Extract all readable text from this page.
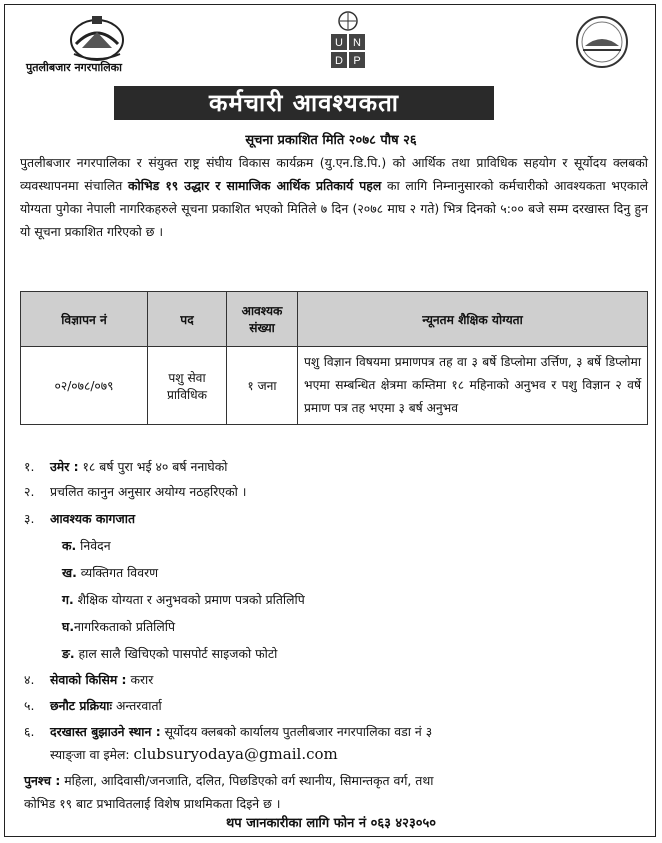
पुतलीबजार नगरपालिका
U N
D P
कर्मचारी आवश्यकता
सूचना प्रकाशित मिति २०७८ पौष २६
पुतलीबजार नगरपालिका र संयुक्त राष्ट्र संघीय विकास कार्यक्रम (यु.एन.डि.पि.) को आर्थिक तथा प्राविधिक सहयोग र सूर्योदय क्लबको व्यवस्थापनमा संचालित कोभिड १९ उद्धार र सामाजिक आर्थिक प्रतिकार्य पहल का लागि निम्नानुसारको कर्मचारीको आवश्यकता भएकाले योग्यता पुगेका नेपाली नागरिकहरुले सूचना प्रकाशित भएको मितिले ७ दिन (२०७८ माघ २ गते) भित्र दिनको ५:०० बजे सम्म दरखास्त दिनु हुन यो सूचना प्रकाशित गरिएको छ ।
विज्ञापन नं	पद	आवश्यक संख्या	न्यूनतम शैक्षिक योग्यता
०२/०७८/०७९	पशु सेवा प्राविधिक	१ जना	पशु विज्ञान विषयमा प्रमाणपत्र तह वा ३ बर्षे डिप्लोमा उर्त्तिण, ३ बर्षे डिप्लोमा भएमा सम्बन्धित क्षेत्रमा कम्तिमा १८ महिनाको अनुभव र पशु विज्ञान २ वर्षे प्रमाण पत्र तह भएमा ३ बर्ष अनुभव
१. उमेर : १८ बर्ष पुरा भई ४० बर्ष ननाघेको
२. प्रचलित कानुन अनुसार अयोग्य नठहरिएको ।
३. आवश्यक कागजात
क. निवेदन
ख. व्यक्तिगत विवरण
ग. शैक्षिक योग्यता र अनुभवको प्रमाण पत्रको प्रतिलिपि
घ.नागरिकताको प्रतिलिपि
ङ. हाल सालै खिचिएको पासपोर्ट साइजको फोटो
४. सेवाको किसिम : करार
५. छनौट प्रक्रियाः अन्तरवार्ता
६. दरखास्त बुझाउने स्थान : सूर्योदय क्लबको कार्यालय पुतलीबजार नगरपालिका वडा नं ३
स्याङ्जा वा इमेल: clubsuryodaya@gmail.com
पुनश्च : महिला, आदिवासी/जनजाति, दलित, पिछडिएको वर्ग स्थानीय, सिमान्तकृत वर्ग, तथा
कोभिड १९ बाट प्रभावितलाई विशेष प्राथमिकता दिइने छ ।
थप जानकारीका लागि फोन नं ०६३ ४२३०५०
